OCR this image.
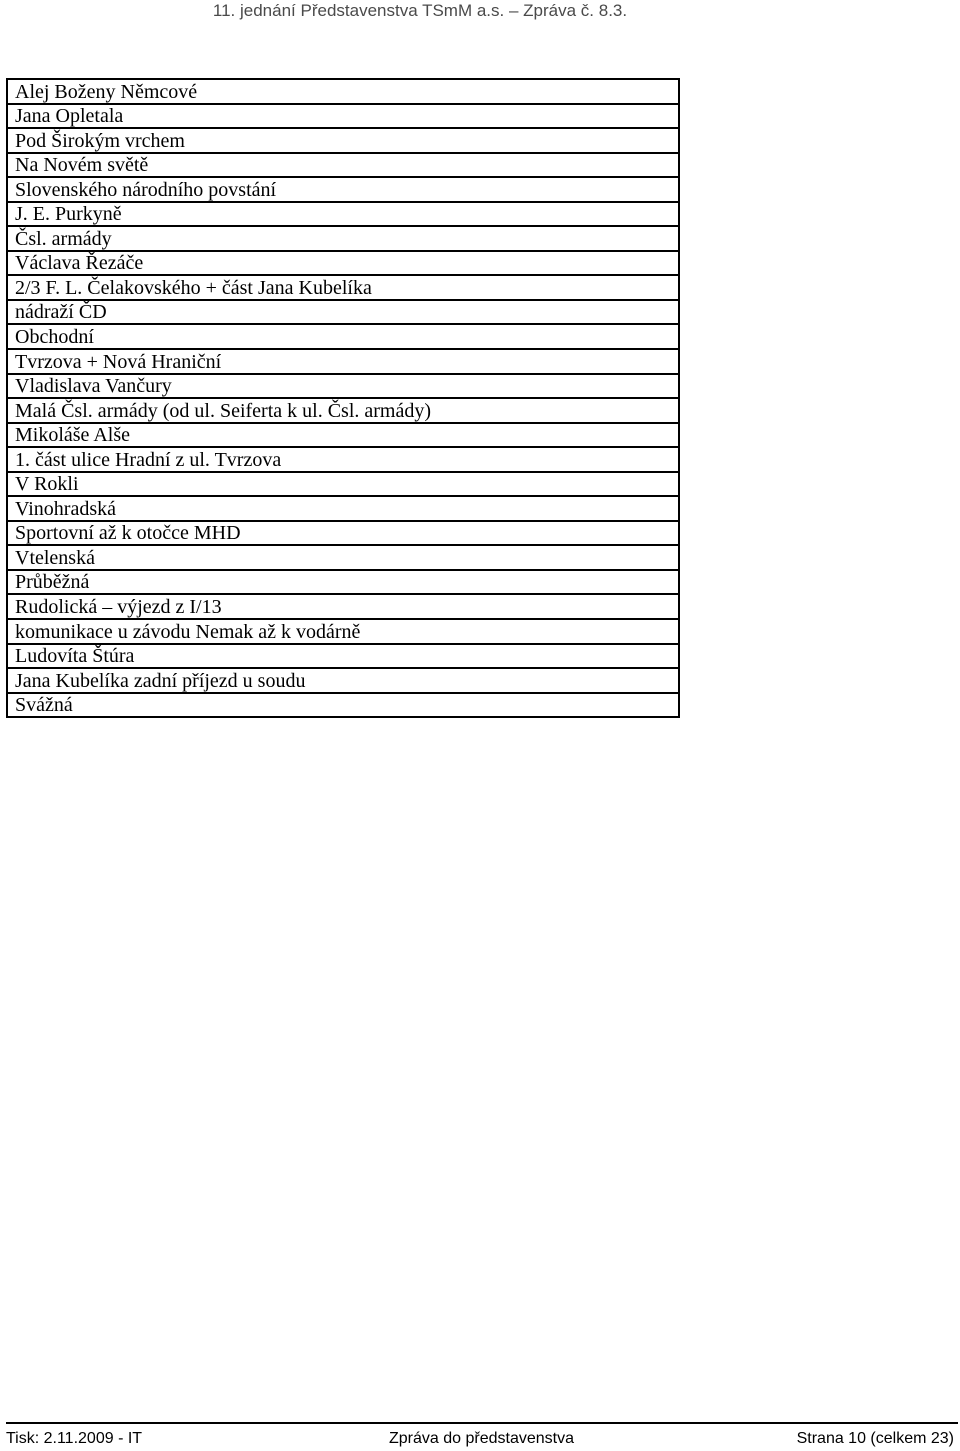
11. jednání Představenstva TSmM a.s. – Zpráva č. 8.3.
Alej Boženy Němcové
Jana Opletala
Pod Širokým vrchem
Na Novém světě
Slovenského národního povstání
J. E. Purkyně
Čsl. armády
Václava Řezáče
2/3 F. L. Čelakovského + část Jana Kubelíka
nádraží ČD
Obchodní
Tvrzova + Nová Hraniční
Vladislava Vančury
Malá Čsl. armády (od ul. Seiferta k ul. Čsl. armády)
Mikoláše Alše
1. část ulice Hradní z ul. Tvrzova
V Rokli
Vinohradská
Sportovní až k otočce MHD
Vtelenská
Průběžná
Rudolická – výjezd z I/13
komunikace u závodu Nemak až k vodárně
Ludovíta Štúra
Jana Kubelíka zadní příjezd u soudu
Svážná
Tisk: 2.11.2009 - IT	Zpráva do představenstva	Strana 10 (celkem 23)
